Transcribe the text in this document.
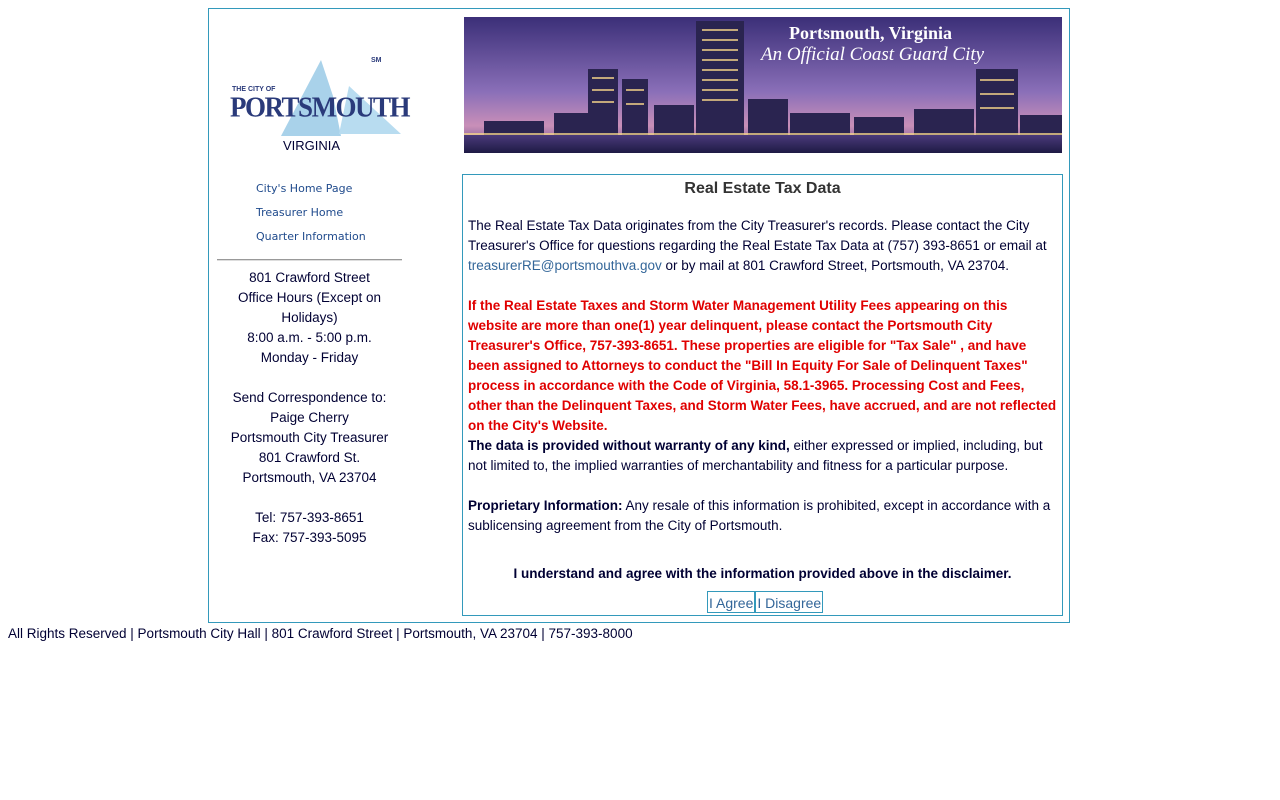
SM
THE CITY OF
PORTSMOUTH
VIRGINIA
City's Home Page
Treasurer Home
Quarter Information
801 Crawford Street
Office Hours (Except on
Holidays)
8:00 a.m. - 5:00 p.m.
Monday - Friday
Send Correspondence to:
Paige Cherry
Portsmouth City Treasurer
801 Crawford St.
Portsmouth, VA 23704
Tel: 757-393-8651
Fax: 757-393-5095
Portsmouth, Virginia
An Official Coast Guard City
Real Estate Tax Data

The Real Estate Tax Data originates from the City Treasurer's records. Please contact the City Treasurer's Office for questions regarding the Real Estate Tax Data at (757) 393-8651 or email at treasurerRE@portsmouthva.gov or by mail at 801 Crawford Street, Portsmouth, VA 23704.

If the Real Estate Taxes and Storm Water Management Utility Fees appearing on this website are more than one(1) year delinquent, please contact the Portsmouth City Treasurer's Office, 757-393-8651. These properties are eligible for "Tax Sale" , and have been assigned to Attorneys to conduct the "Bill In Equity For Sale of Delinquent Taxes" process in accordance with the Code of Virginia, 58.1-3965. Processing Cost and Fees, other than the Delinquent Taxes, and Storm Water Fees, have accrued, and are not reflected on the City's Website.

The data is provided without warranty of any kind, either expressed or implied, including, but not limited to, the implied warranties of merchantability and fitness for a particular purpose.

Proprietary Information: Any resale of this information is prohibited, except in accordance with a sublicensing agreement from the City of Portsmouth.

I understand and agree with the information provided above in the disclaimer.
I Agree I Disagree
All Rights Reserved | Portsmouth City Hall | 801 Crawford Street | Portsmouth, VA 23704 | 757-393-8000
